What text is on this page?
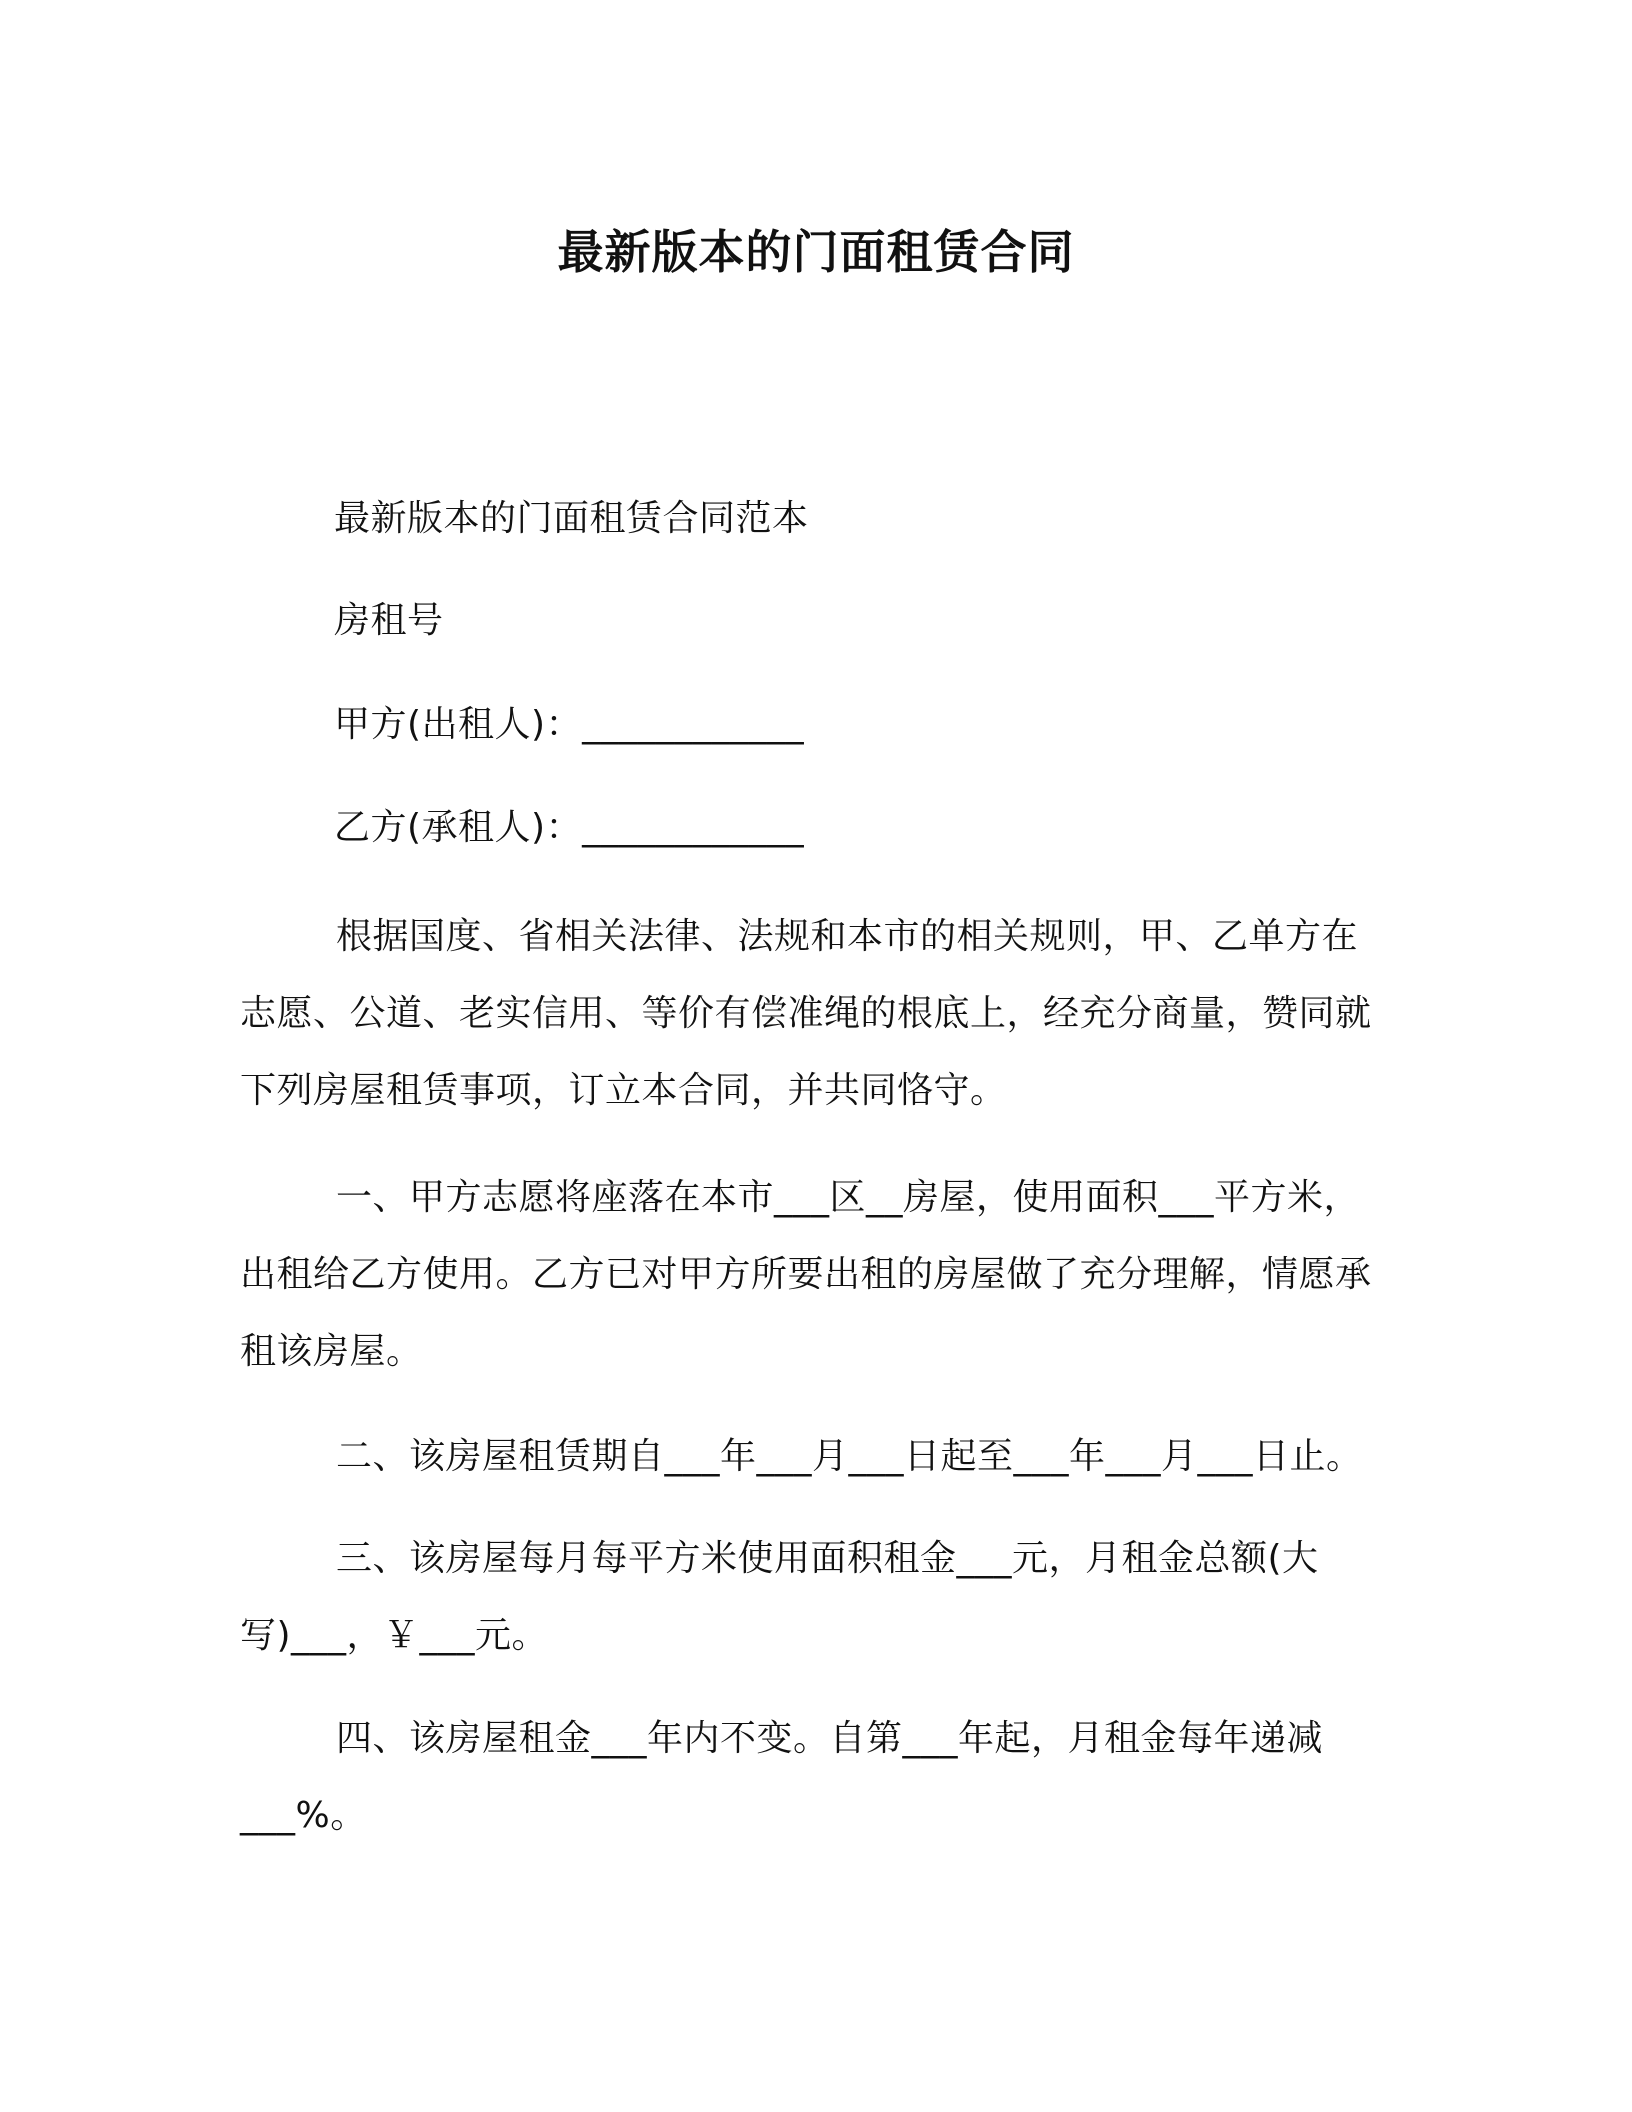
最新版本的门面租赁合同

最新版本的门面租赁合同范本

房租号

甲方(出租人)：____________

乙方(承租人)：____________

根据国度、省相关法律、法规和本市的相关规则，甲、乙单方在志愿、公道、老实信用、等价有偿准绳的根底上，经充分商量，赞同就下列房屋租赁事项，订立本合同，并共同恪守。

一、甲方志愿将座落在本市___区__房屋，使用面积___平方米，出租给乙方使用。乙方已对甲方所要出租的房屋做了充分理解，情愿承租该房屋。

二、该房屋租赁期自___年___月___日起至___年___月___日止。

三、该房屋每月每平方米使用面积租金___元，月租金总额(大写)___，￥___元。

四、该房屋租金___年内不变。自第___年起，月租金每年递减___%。
